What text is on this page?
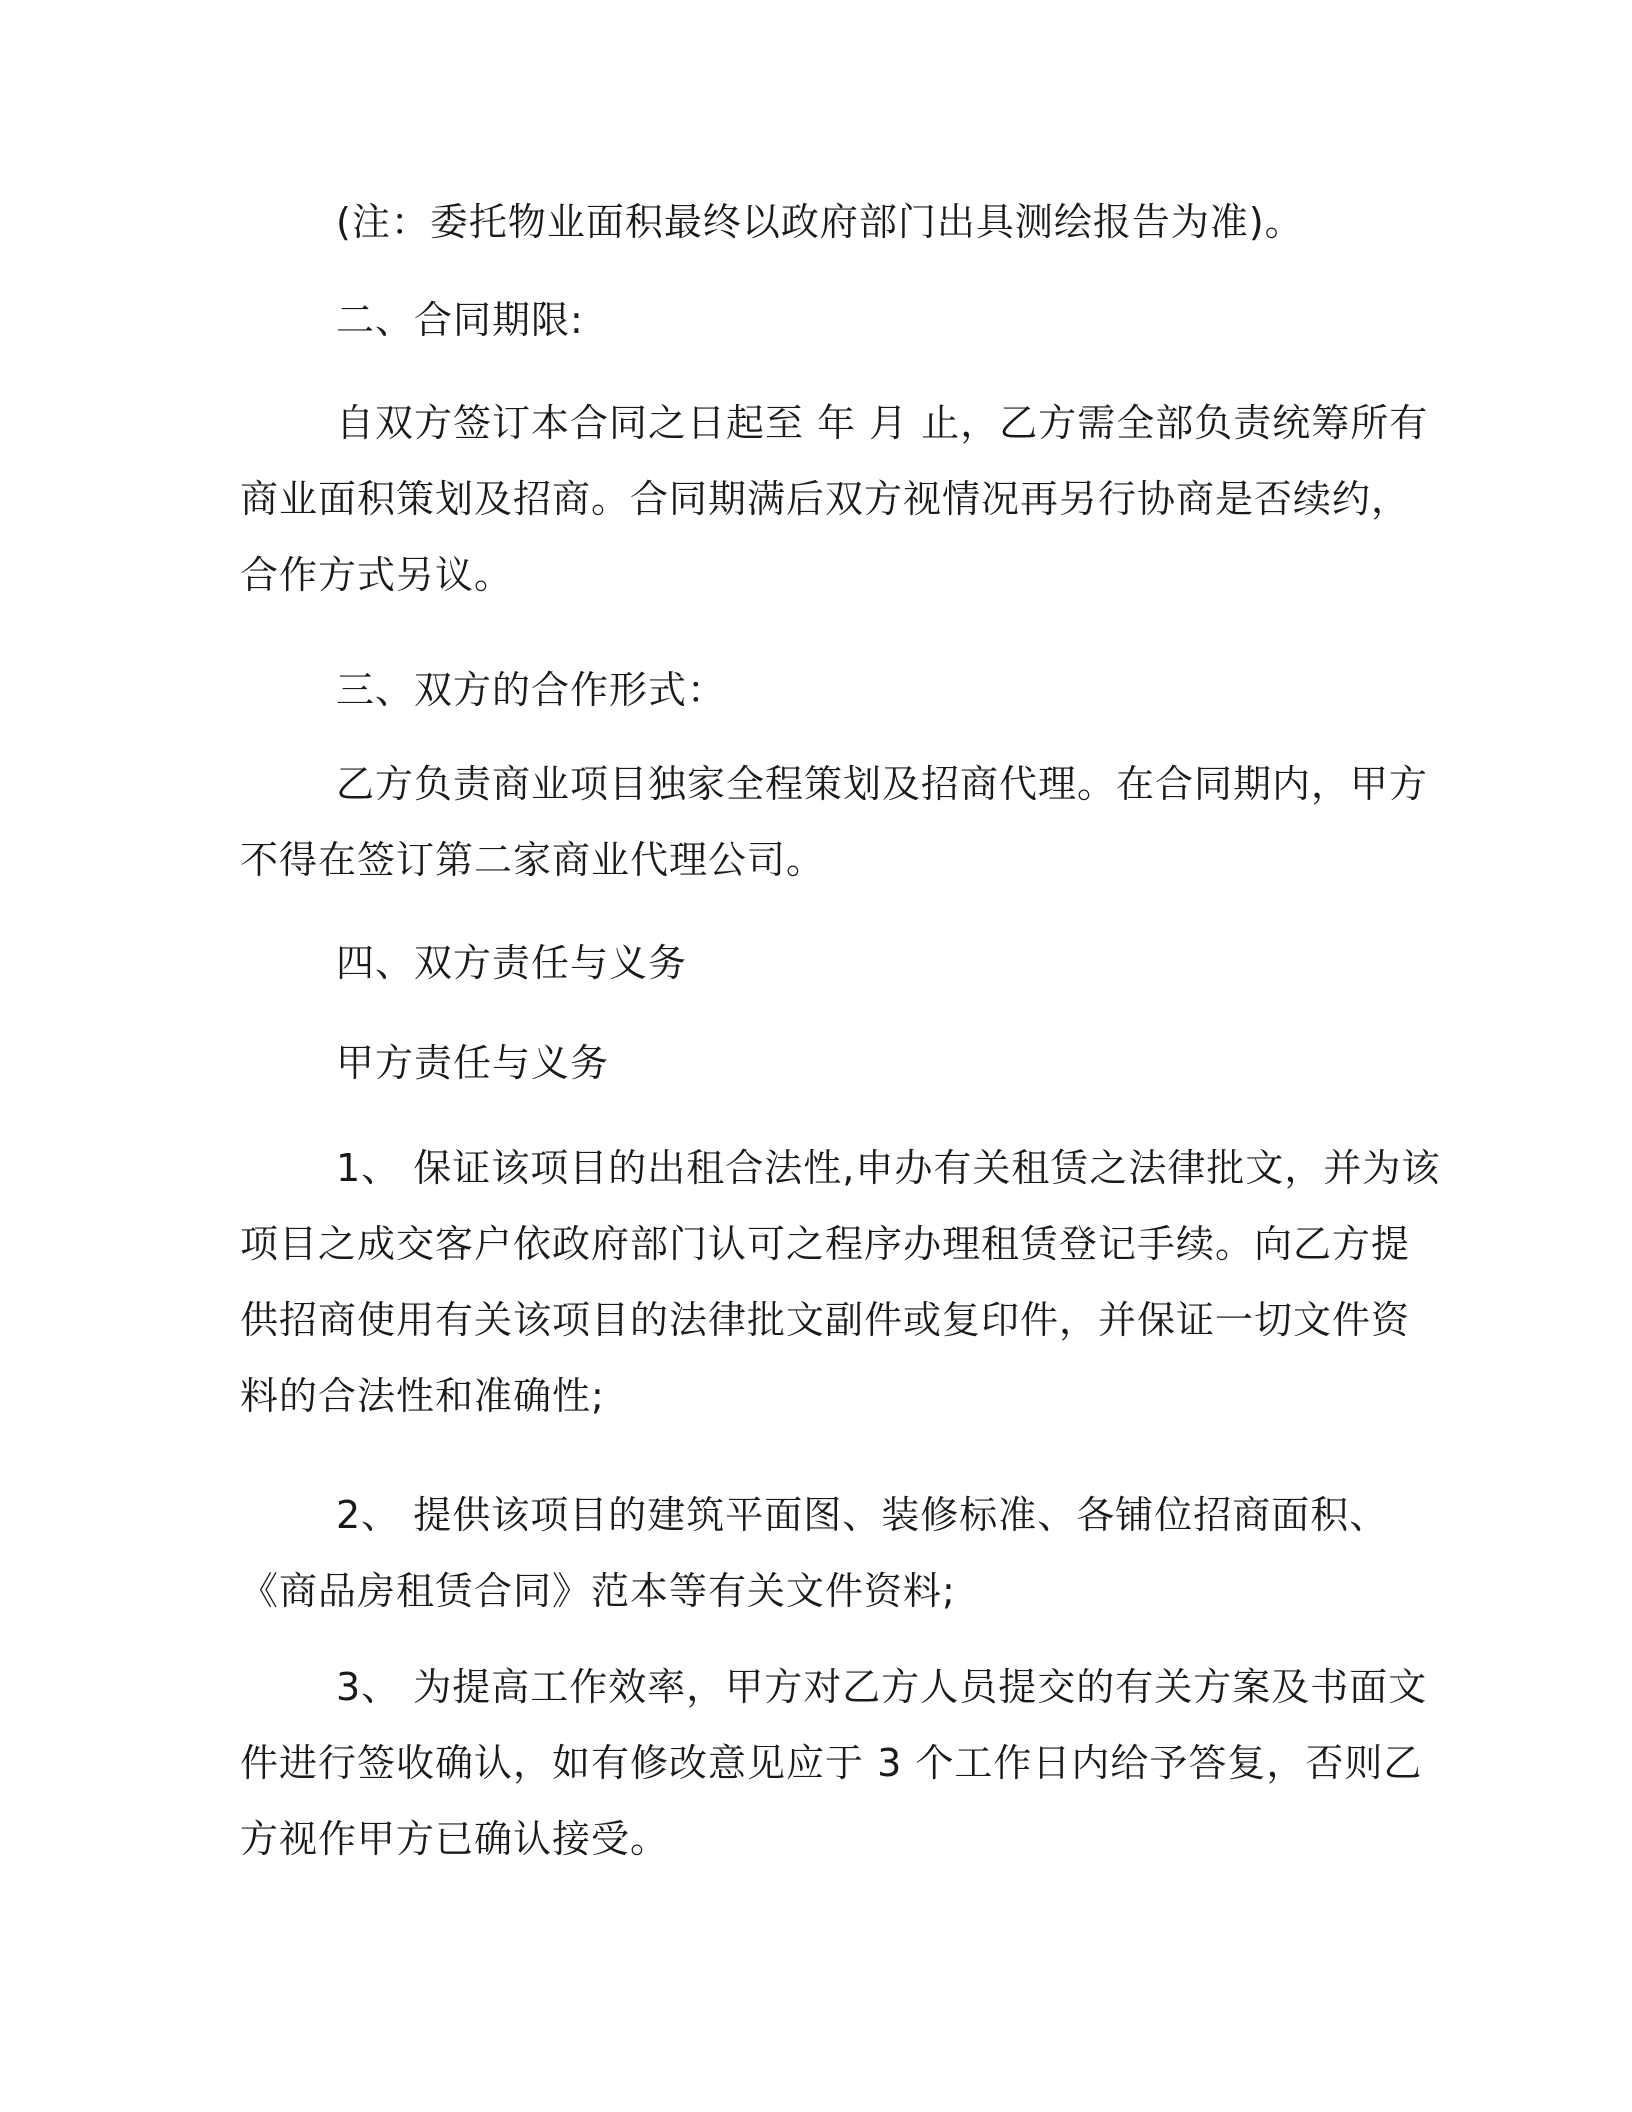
(注：委托物业面积最终以政府部门出具测绘报告为准)。

二、合同期限:

自双方签订本合同之日起至 年 月 止，乙方需全部负责统筹所有
商业面积策划及招商。合同期满后双方视情况再另行协商是否续约，
合作方式另议。

三、双方的合作形式：

乙方负责商业项目独家全程策划及招商代理。在合同期内，甲方
不得在签订第二家商业代理公司。

四、双方责任与义务

甲方责任与义务

1、 保证该项目的出租合法性,申办有关租赁之法律批文，并为该
项目之成交客户依政府部门认可之程序办理租赁登记手续。向乙方提
供招商使用有关该项目的法律批文副件或复印件，并保证一切文件资
料的合法性和准确性;

2、 提供该项目的建筑平面图、装修标准、各铺位招商面积、
《商品房租赁合同》范本等有关文件资料;

3、 为提高工作效率，甲方对乙方人员提交的有关方案及书面文
件进行签收确认，如有修改意见应于 3 个工作日内给予答复，否则乙
方视作甲方已确认接受。
